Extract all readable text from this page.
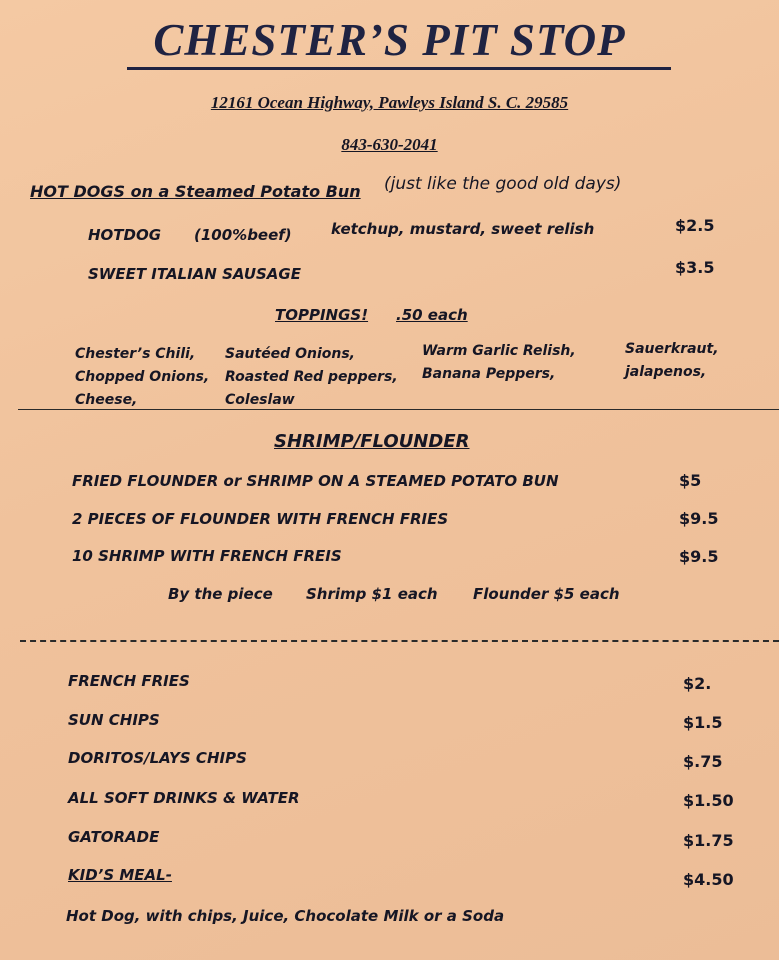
CHESTER’S PIT STOP
12161 Ocean Highway, Pawleys Island S. C. 29585
843-630-2041
HOT DOGS on a Steamed Potato Bun (just like the good old days)
HOTDOG (100%beef)	ketchup, mustard, sweet relish	$2.5
SWEET ITALIAN SAUSAGE	$3.5
TOPPINGS! .50 each
Chester’s Chili,
Chopped Onions,
Cheese,
Sautéed Onions,
Roasted Red peppers,
Coleslaw
Warm Garlic Relish,
Banana Peppers,
Sauerkraut,
jalapenos,
SHRIMP/FLOUNDER
FRIED FLOUNDER or SHRIMP ON A STEAMED POTATO BUN	$5
2 PIECES OF FLOUNDER WITH FRENCH FRIES	$9.5
10 SHRIMP WITH FRENCH FREIS	$9.5
By the piece Shrimp $1 each Flounder $5 each
FRENCH FRIES	$2.
SUN CHIPS	$1.5
DORITOS/LAYS CHIPS	$.75
ALL SOFT DRINKS & WATER	$1.50
GATORADE	$1.75
KID’S MEAL-	$4.50
Hot Dog, with chips, Juice, Chocolate Milk or a Soda
